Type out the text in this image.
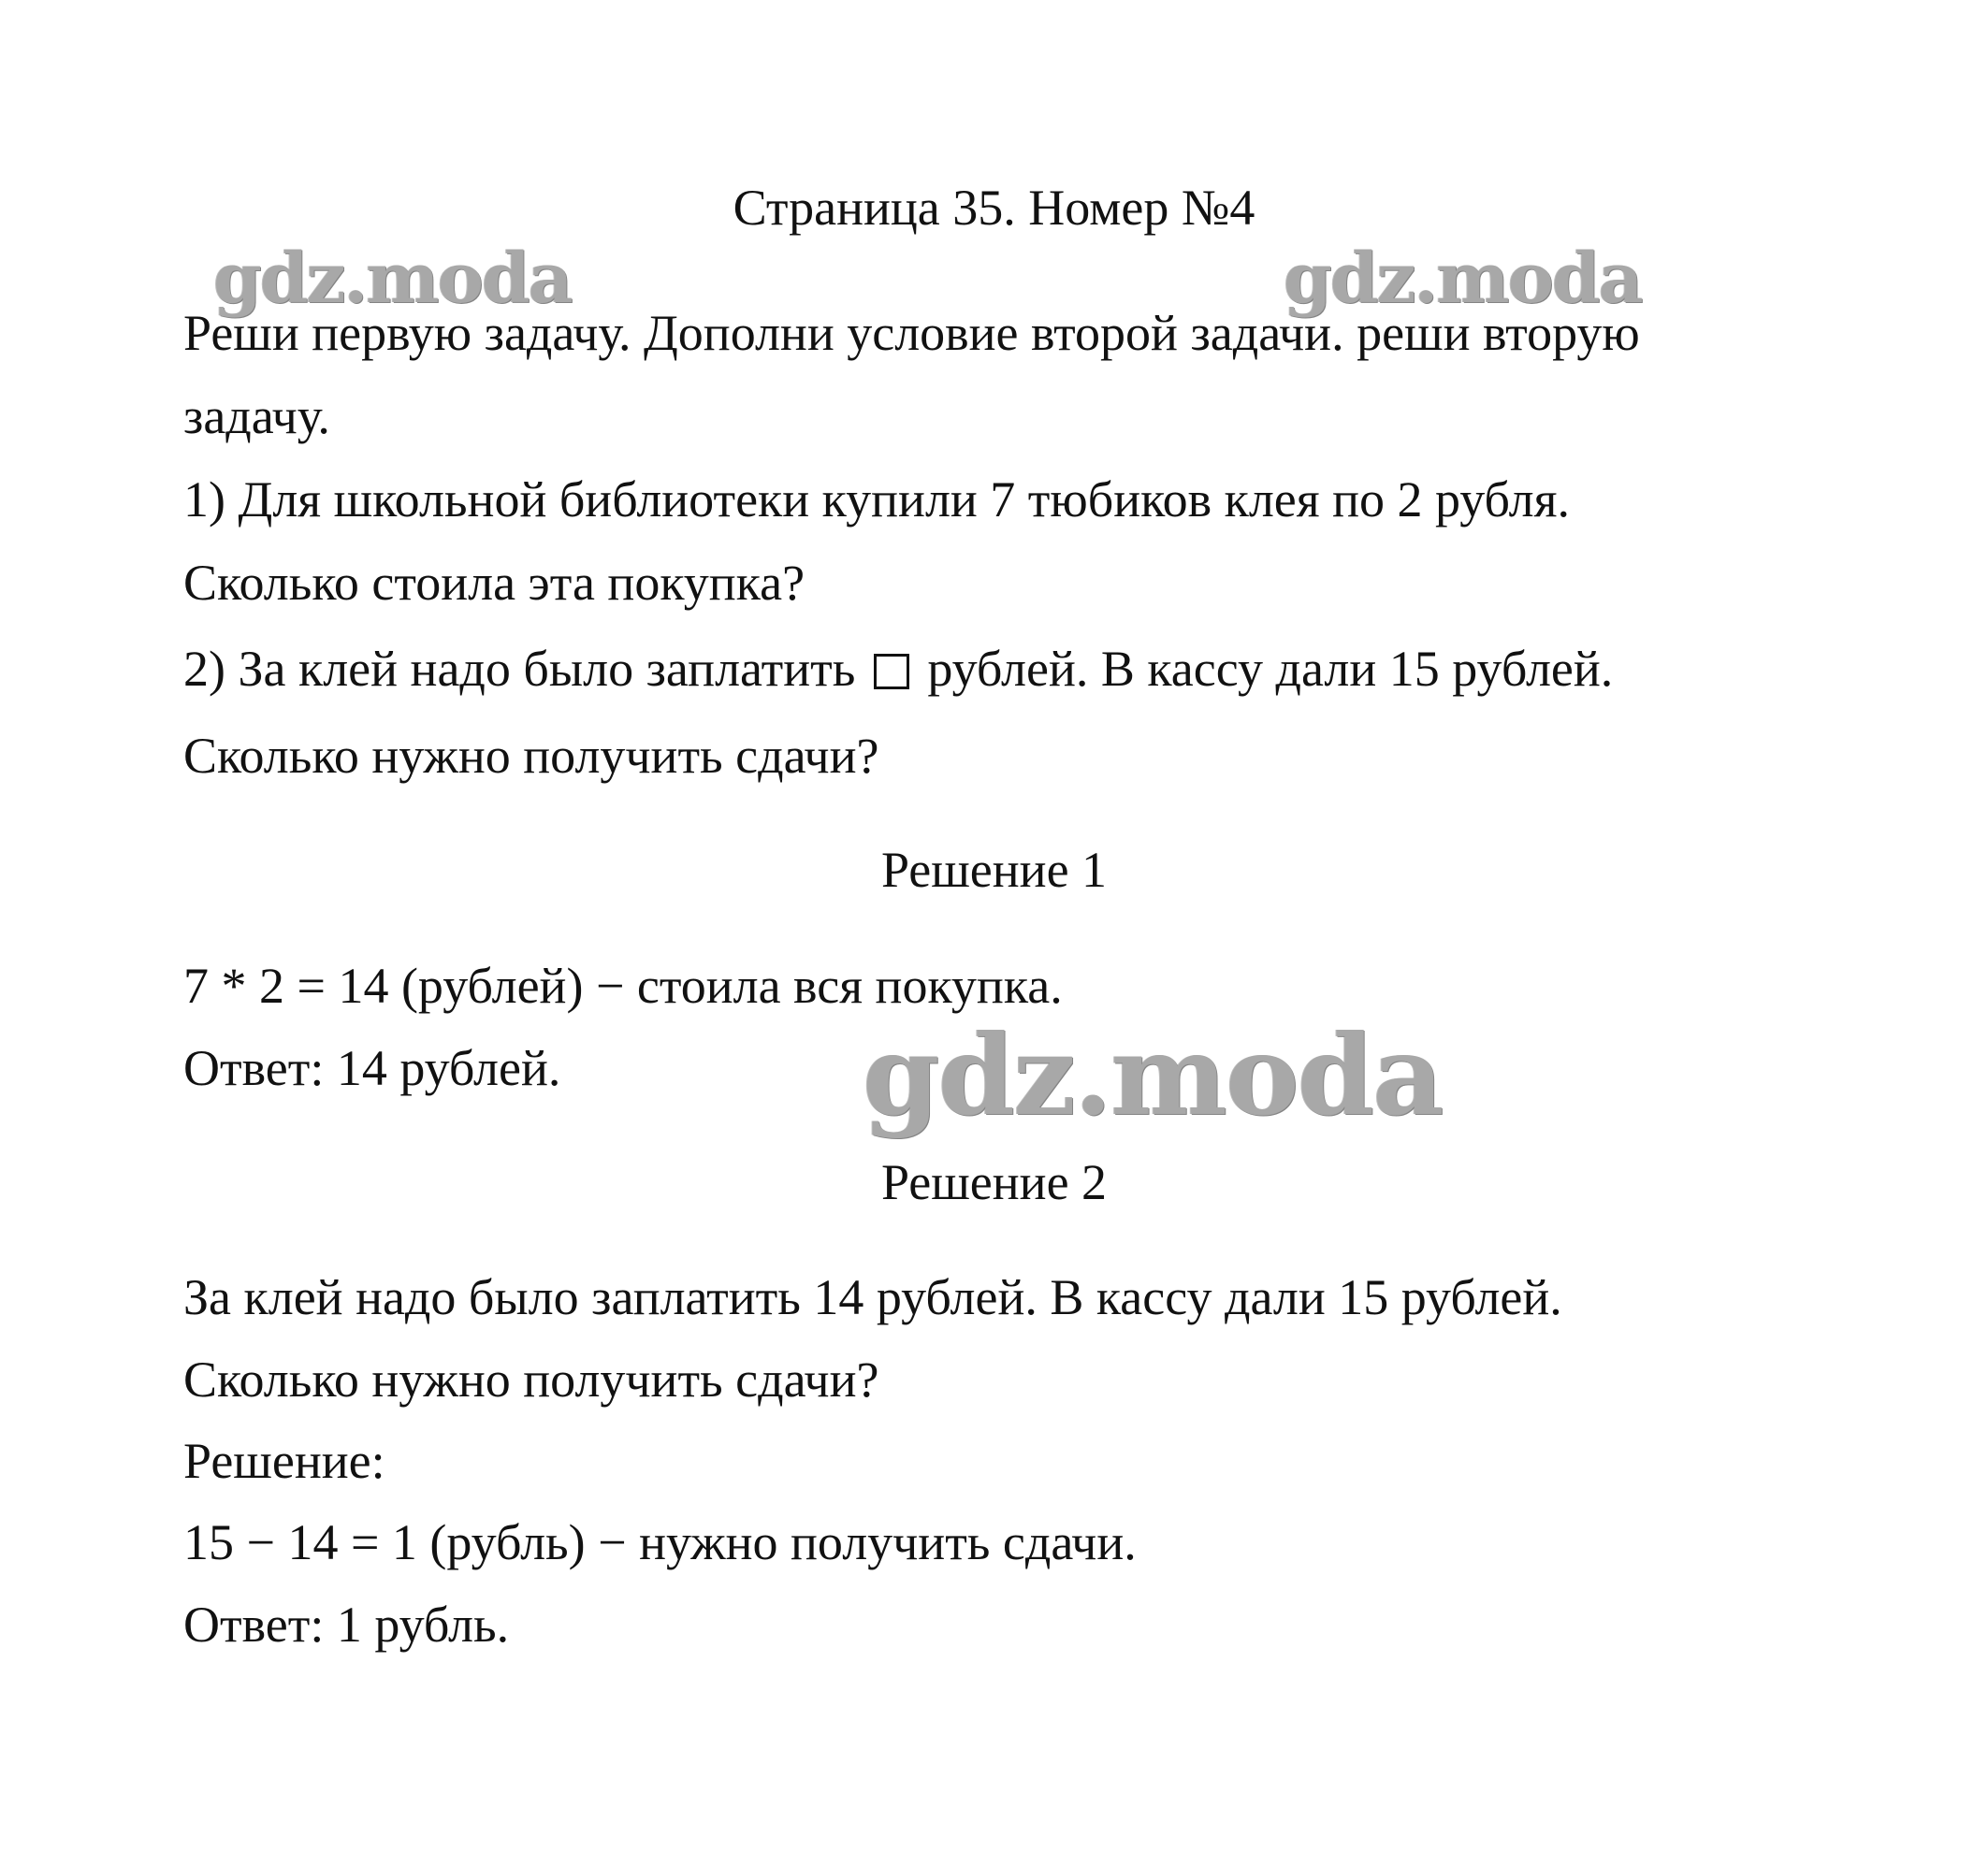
Страница 35. Номер №4
gdz.moda	gdz.moda
gdz.moda
Реши первую задачу. Дополни условие второй задачи. реши вторую
задачу.
1) Для школьной библиотеки купили 7 тюбиков клея по 2 рубля.
Сколько стоила эта покупка?
2) За клей надо было заплатить рублей. В кассу дали 15 рублей.
Сколько нужно получить сдачи?
Решение 1
7 * 2 = 14 (рублей) − стоила вся покупка.
Ответ: 14 рублей.
Решение 2
За клей надо было заплатить 14 рублей. В кассу дали 15 рублей.
Сколько нужно получить сдачи?
Решение:
15 − 14 = 1 (рубль) − нужно получить сдачи.
Ответ: 1 рубль.
